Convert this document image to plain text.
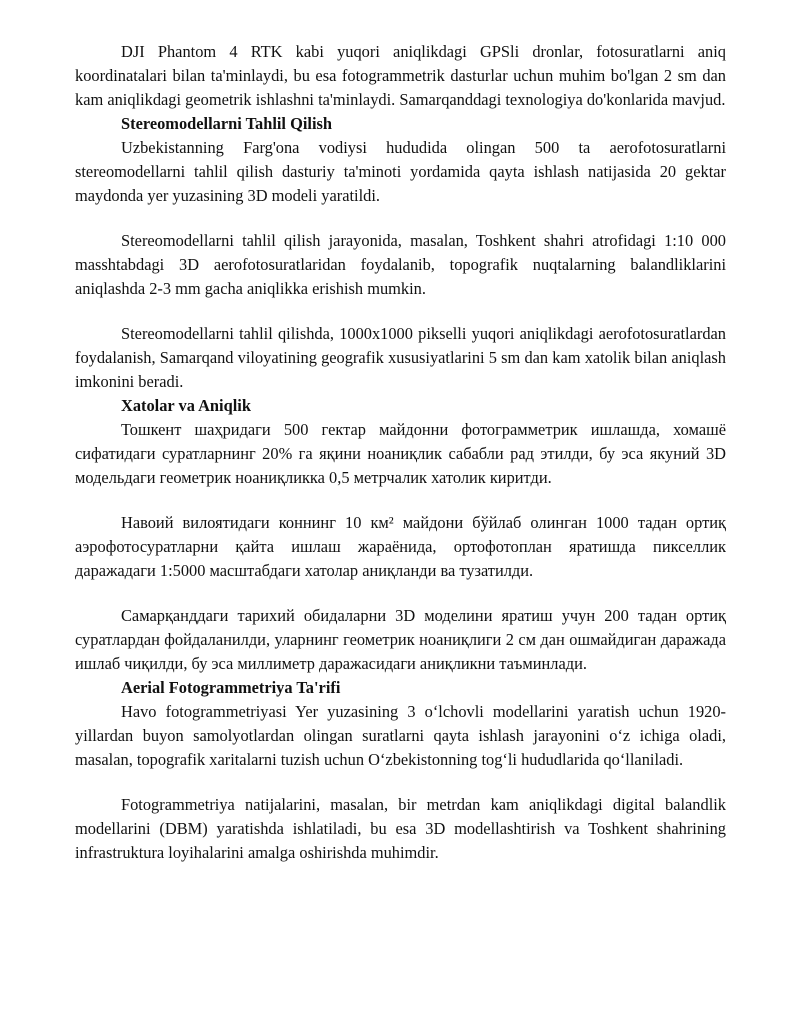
DJI Phantom 4 RTK kabi yuqori aniqlikdagi GPSli dronlar, fotosuratlarni aniq koordinatalari bilan ta'minlaydi, bu esa fotogrammetrik dasturlar uchun muhim bo'lgan 2 sm dan kam aniqlikdagi geometrik ishlashni ta'minlaydi. Samarqanddagi texnologiya do'konlarida mavjud.

Stereomodellarni Tahlil Qilish

Uzbekistanning Farg'ona vodiysi hududida olingan 500 ta aerofotosuratlarni stereomodellarni tahlil qilish dasturiy ta'minoti yordamida qayta ishlash natijasida 20 gektar maydonda yer yuzasining 3D modeli yaratildi.

Stereomodellarni tahlil qilish jarayonida, masalan, Toshkent shahri atrofidagi 1:10 000 masshtabdagi 3D aerofotosuratlaridan foydalanib, topografik nuqtalarning balandliklarini aniqlashda 2-3 mm gacha aniqlikka erishish mumkin.

Stereomodellarni tahlil qilishda, 1000x1000 pikselli yuqori aniqlikdagi aerofotosuratlardan foydalanish, Samarqand viloyatining geografik xususiyatlarini 5 sm dan kam xatolik bilan aniqlash imkonini beradi.

Xatolar va Aniqlik

Тошкент шаҳридаги 500 гектар майдонни фотограмметрик ишлашда, хомашё сифатидаги суратларнинг 20% га яқини ноаниқлик сабабли рад этилди, бу эса якуний 3D модельдаги геометрик ноаниқликка 0,5 метрчалик хатолик киритди.

Навоий вилоятидаги коннинг 10 км² майдони бўйлаб олинган 1000 тадан ортиқ аэрофотосуратларни қайта ишлаш жараёнида, ортофотоплан яратишда пикселлик даражадаги 1:5000 масштабдаги хатолар аниқланди ва тузатилди.

Самарқанддаги тарихий обидаларни 3D моделини яратиш учун 200 тадан ортиқ суратлардан фойдаланилди, уларнинг геометрик ноаниқлиги 2 см дан ошмайдиган даражада ишлаб чиқилди, бу эса миллиметр даражасидаги аниқликни таъминлади.

Aerial Fotogrammetriya Ta'rifi

Havo fotogrammetriyasi Yer yuzasining 3 oʻlchovli modellarini yaratish uchun 1920-yillardan buyon samolyotlardan olingan suratlarni qayta ishlash jarayonini oʻz ichiga oladi, masalan, topografik xaritalarni tuzish uchun Oʻzbekistonning togʻli hududlarida qoʻllaniladi.

Fotogrammetriya natijalarini, masalan, bir metrdan kam aniqlikdagi digital balandlik modellarini (DBM) yaratishda ishlatiladi, bu esa 3D modellashtirish va Toshkent shahrining infrastruktura loyihalarini amalga oshirishda muhimdir.
